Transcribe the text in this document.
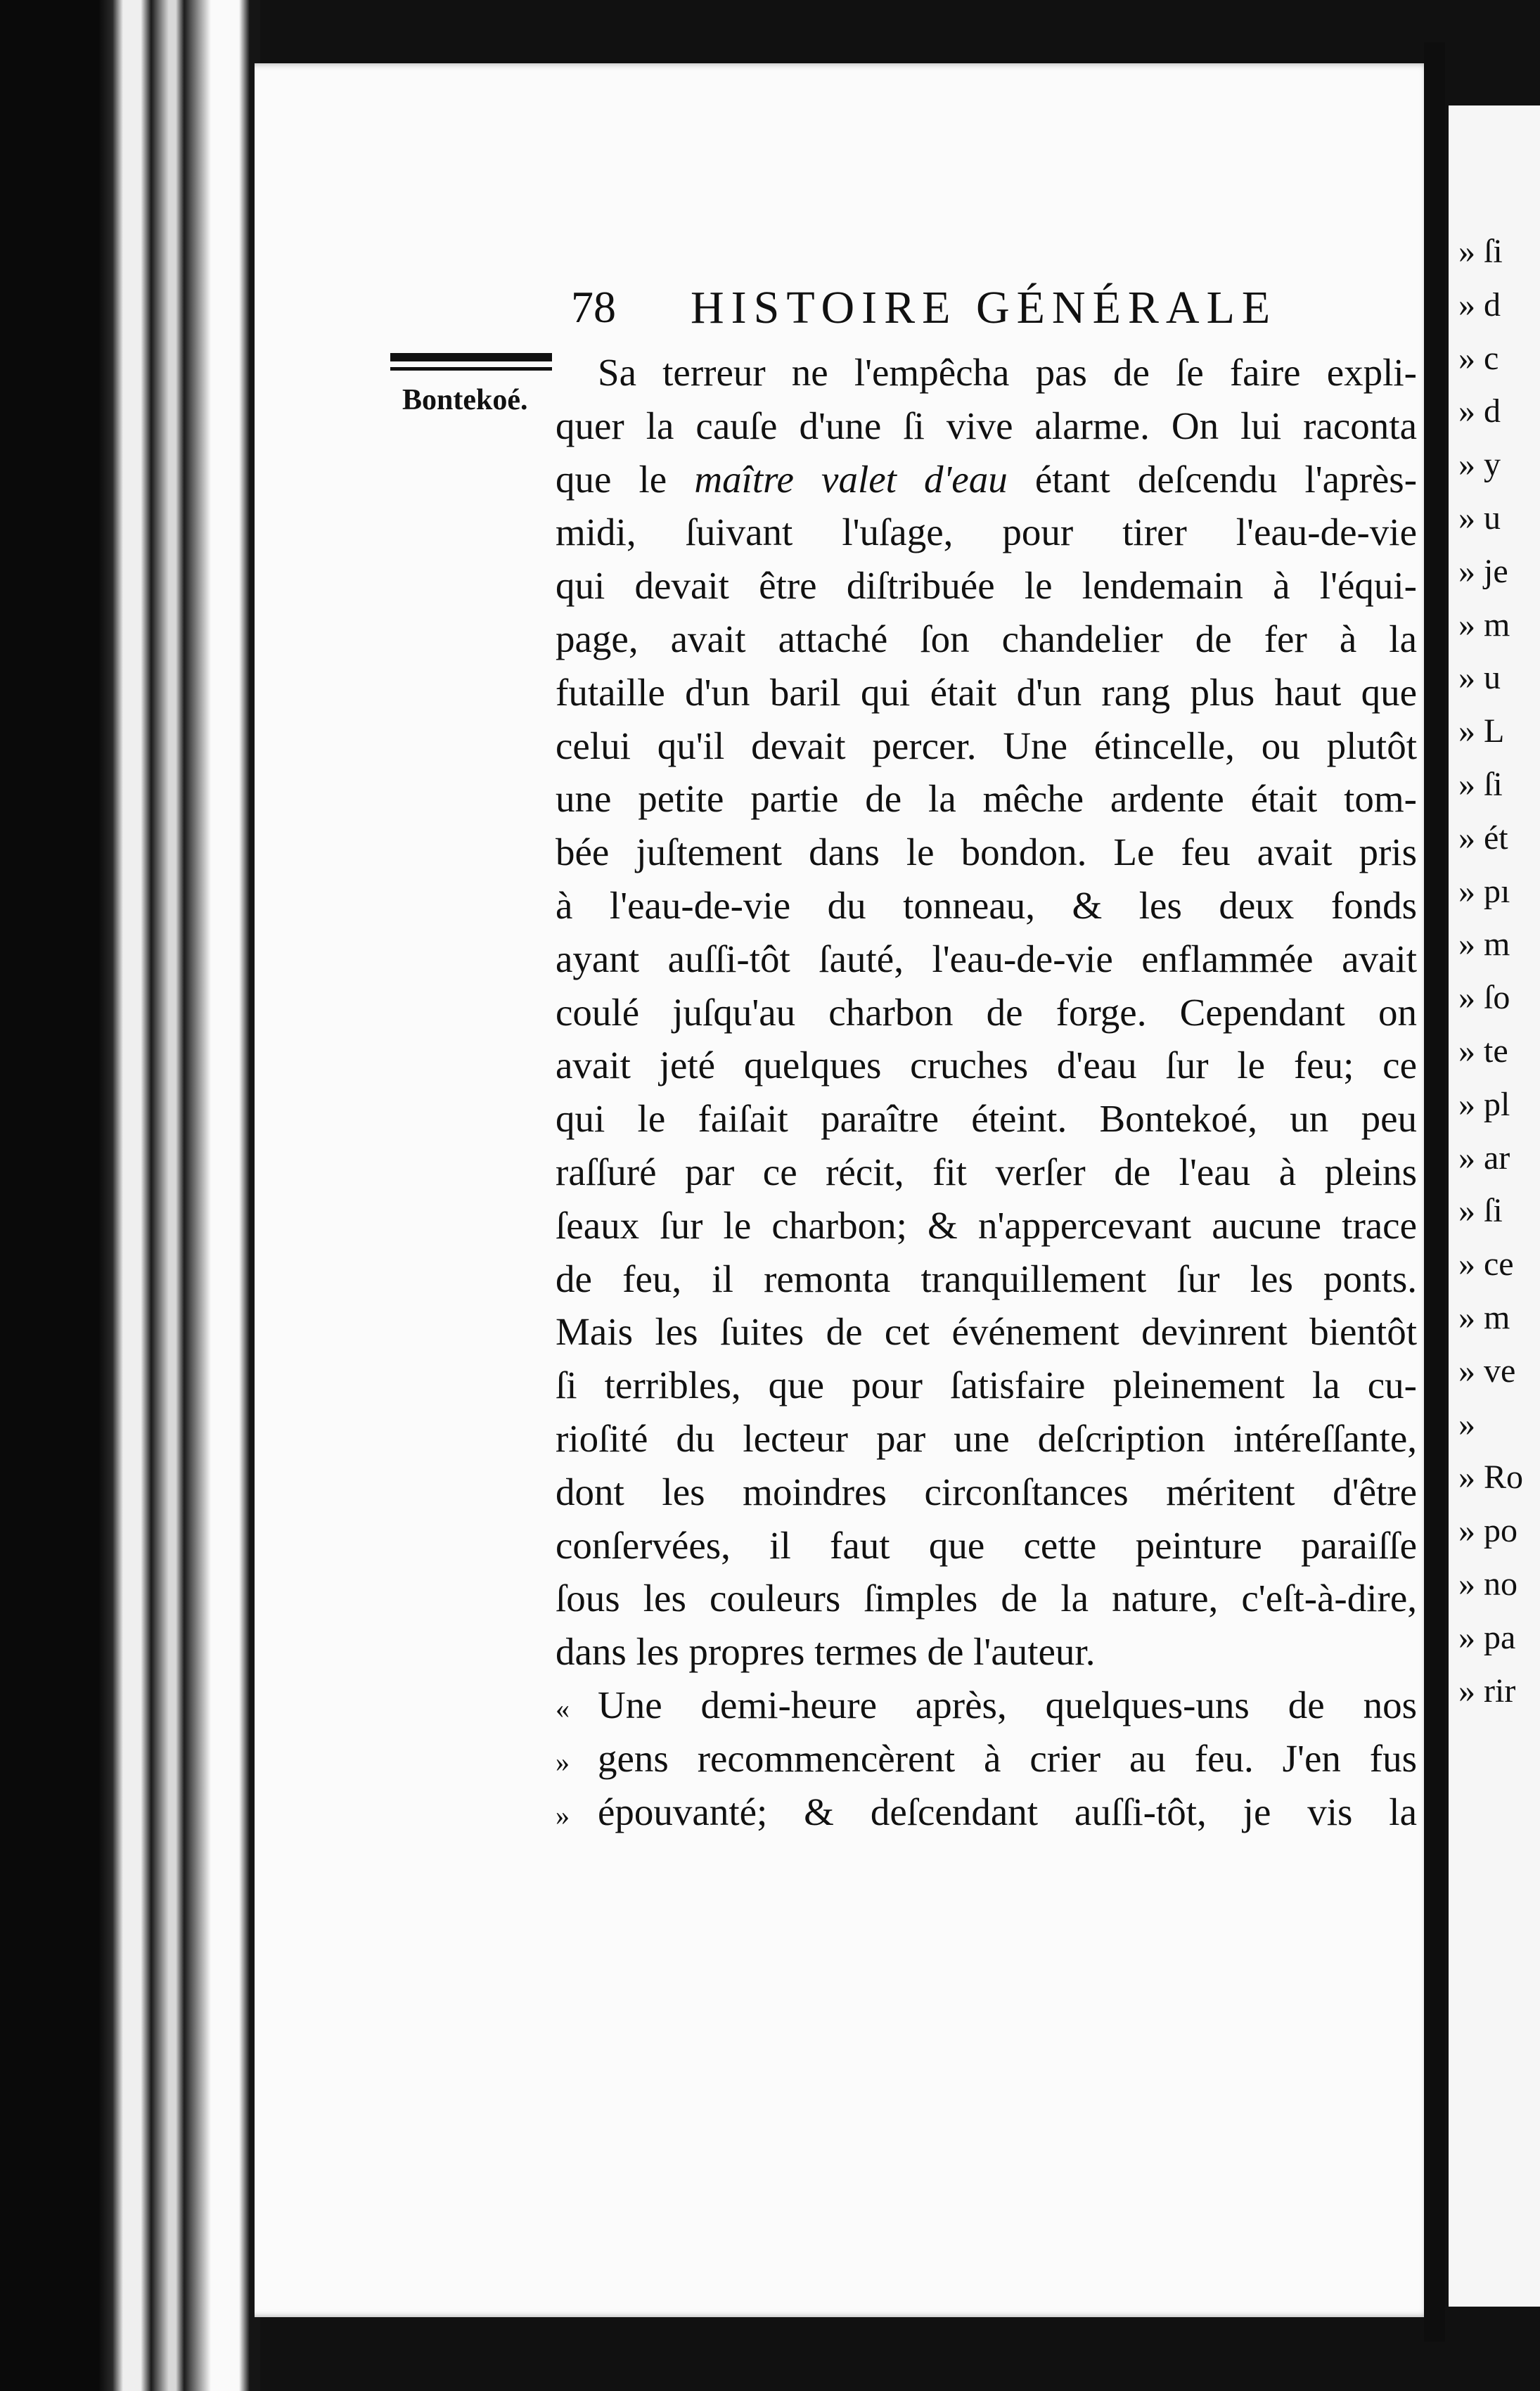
» ſi
» d
» c
» d
» y
» u
» je
» m
» u
» L
» ſi
» ét
» pı
» m
» ſo
» te
» pl
» ar
» ſi
» ce
» m
» ve
»
» Ro
» po
» no
» pa
» rir
78 HISTOIRE GÉNÉRALE
Bontekoé.
Sa terreur ne l'empêcha pas de ſe faire expli-
quer la cauſe d'une ſi vive alarme. On lui raconta
que le maître valet d'eau étant deſcendu l'après-
midi, ſuivant l'uſage, pour tirer l'eau-de-vie
qui devait être diſtribuée le lendemain à l'équi-
page, avait attaché ſon chandelier de fer à la
futaille d'un baril qui était d'un rang plus haut que
celui qu'il devait percer. Une étincelle, ou plutôt
une petite partie de la mêche ardente était tom-
bée juſtement dans le bondon. Le feu avait pris
à l'eau-de-vie du tonneau, & les deux fonds
ayant auſſi-tôt ſauté, l'eau-de-vie enflammée avait
coulé juſqu'au charbon de forge. Cependant on
avait jeté quelques cruches d'eau ſur le feu; ce
qui le faiſait paraître éteint. Bontekoé, un peu
raſſuré par ce récit, fit verſer de l'eau à pleins
ſeaux ſur le charbon; & n'appercevant aucune trace
de feu, il remonta tranquillement ſur les ponts.
Mais les ſuites de cet événement devinrent bientôt
ſi terribles, que pour ſatisfaire pleinement la cu-
rioſité du lecteur par une deſcription intéreſſante,
dont les moindres circonſtances méritent d'être
conſervées, il faut que cette peinture paraiſſe
ſous les couleurs ſimples de la nature, c'eſt-à-dire,
dans les propres termes de l'auteur.
« Une demi-heure après, quelques-uns de nos
» gens recommencèrent à crier au feu. J'en fus
» épouvanté; & deſcendant auſſi-tôt, je vis la
